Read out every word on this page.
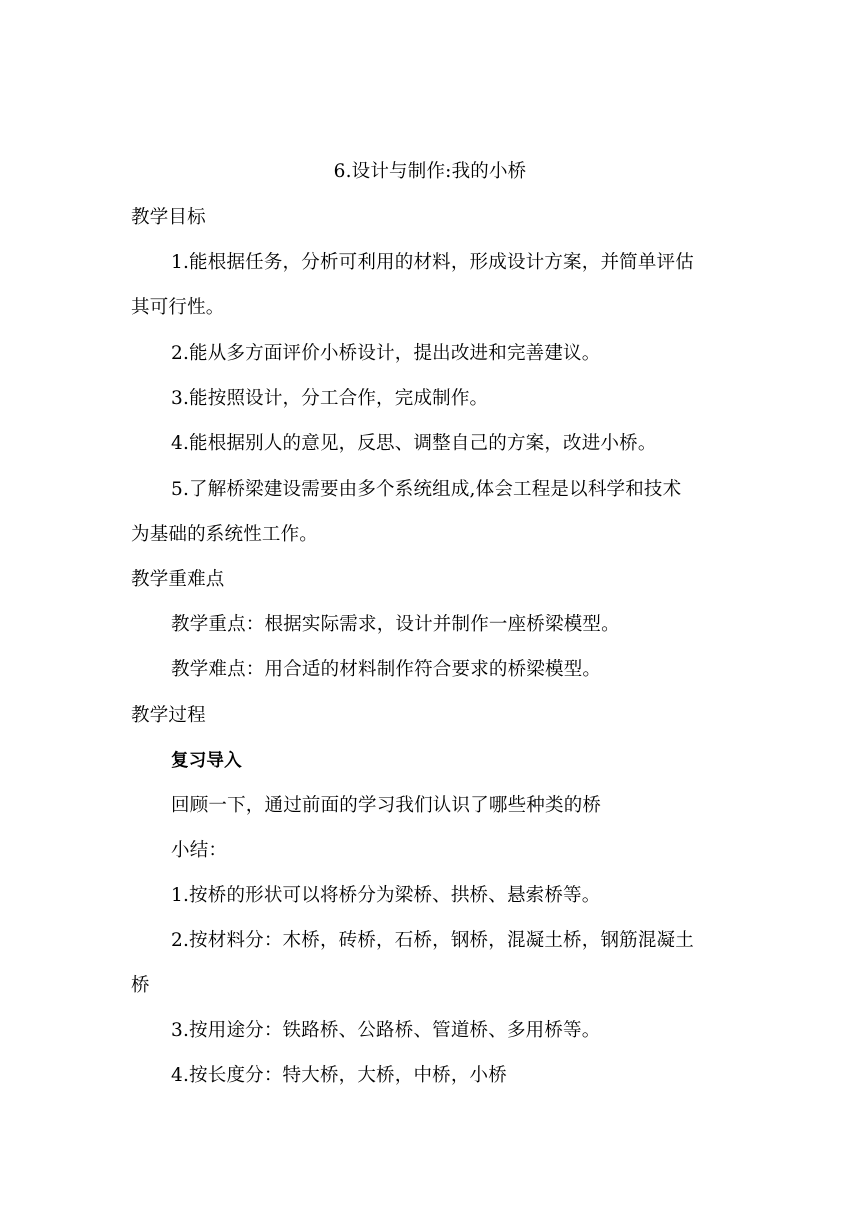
6.设计与制作:我的小桥
教学目标
1.能根据任务，分析可利用的材料，形成设计方案，并简单评估
其可行性。
2.能从多方面评价小桥设计，提出改进和完善建议。
3.能按照设计，分工合作，完成制作。
4.能根据别人的意见，反思、调整自己的方案，改进小桥。
5.了解桥梁建设需要由多个系统组成,体会工程是以科学和技术
为基础的系统性工作。
教学重难点
教学重点：根据实际需求，设计并制作一座桥梁模型。
教学难点：用合适的材料制作符合要求的桥梁模型。
教学过程
复习导入
回顾一下，通过前面的学习我们认识了哪些种类的桥
小结：
1.按桥的形状可以将桥分为梁桥、拱桥、悬索桥等。
2.按材料分：木桥，砖桥，石桥，钢桥，混凝土桥，钢筋混凝土
桥
3.按用途分：铁路桥、公路桥、管道桥、多用桥等。
4.按长度分：特大桥，大桥，中桥，小桥
